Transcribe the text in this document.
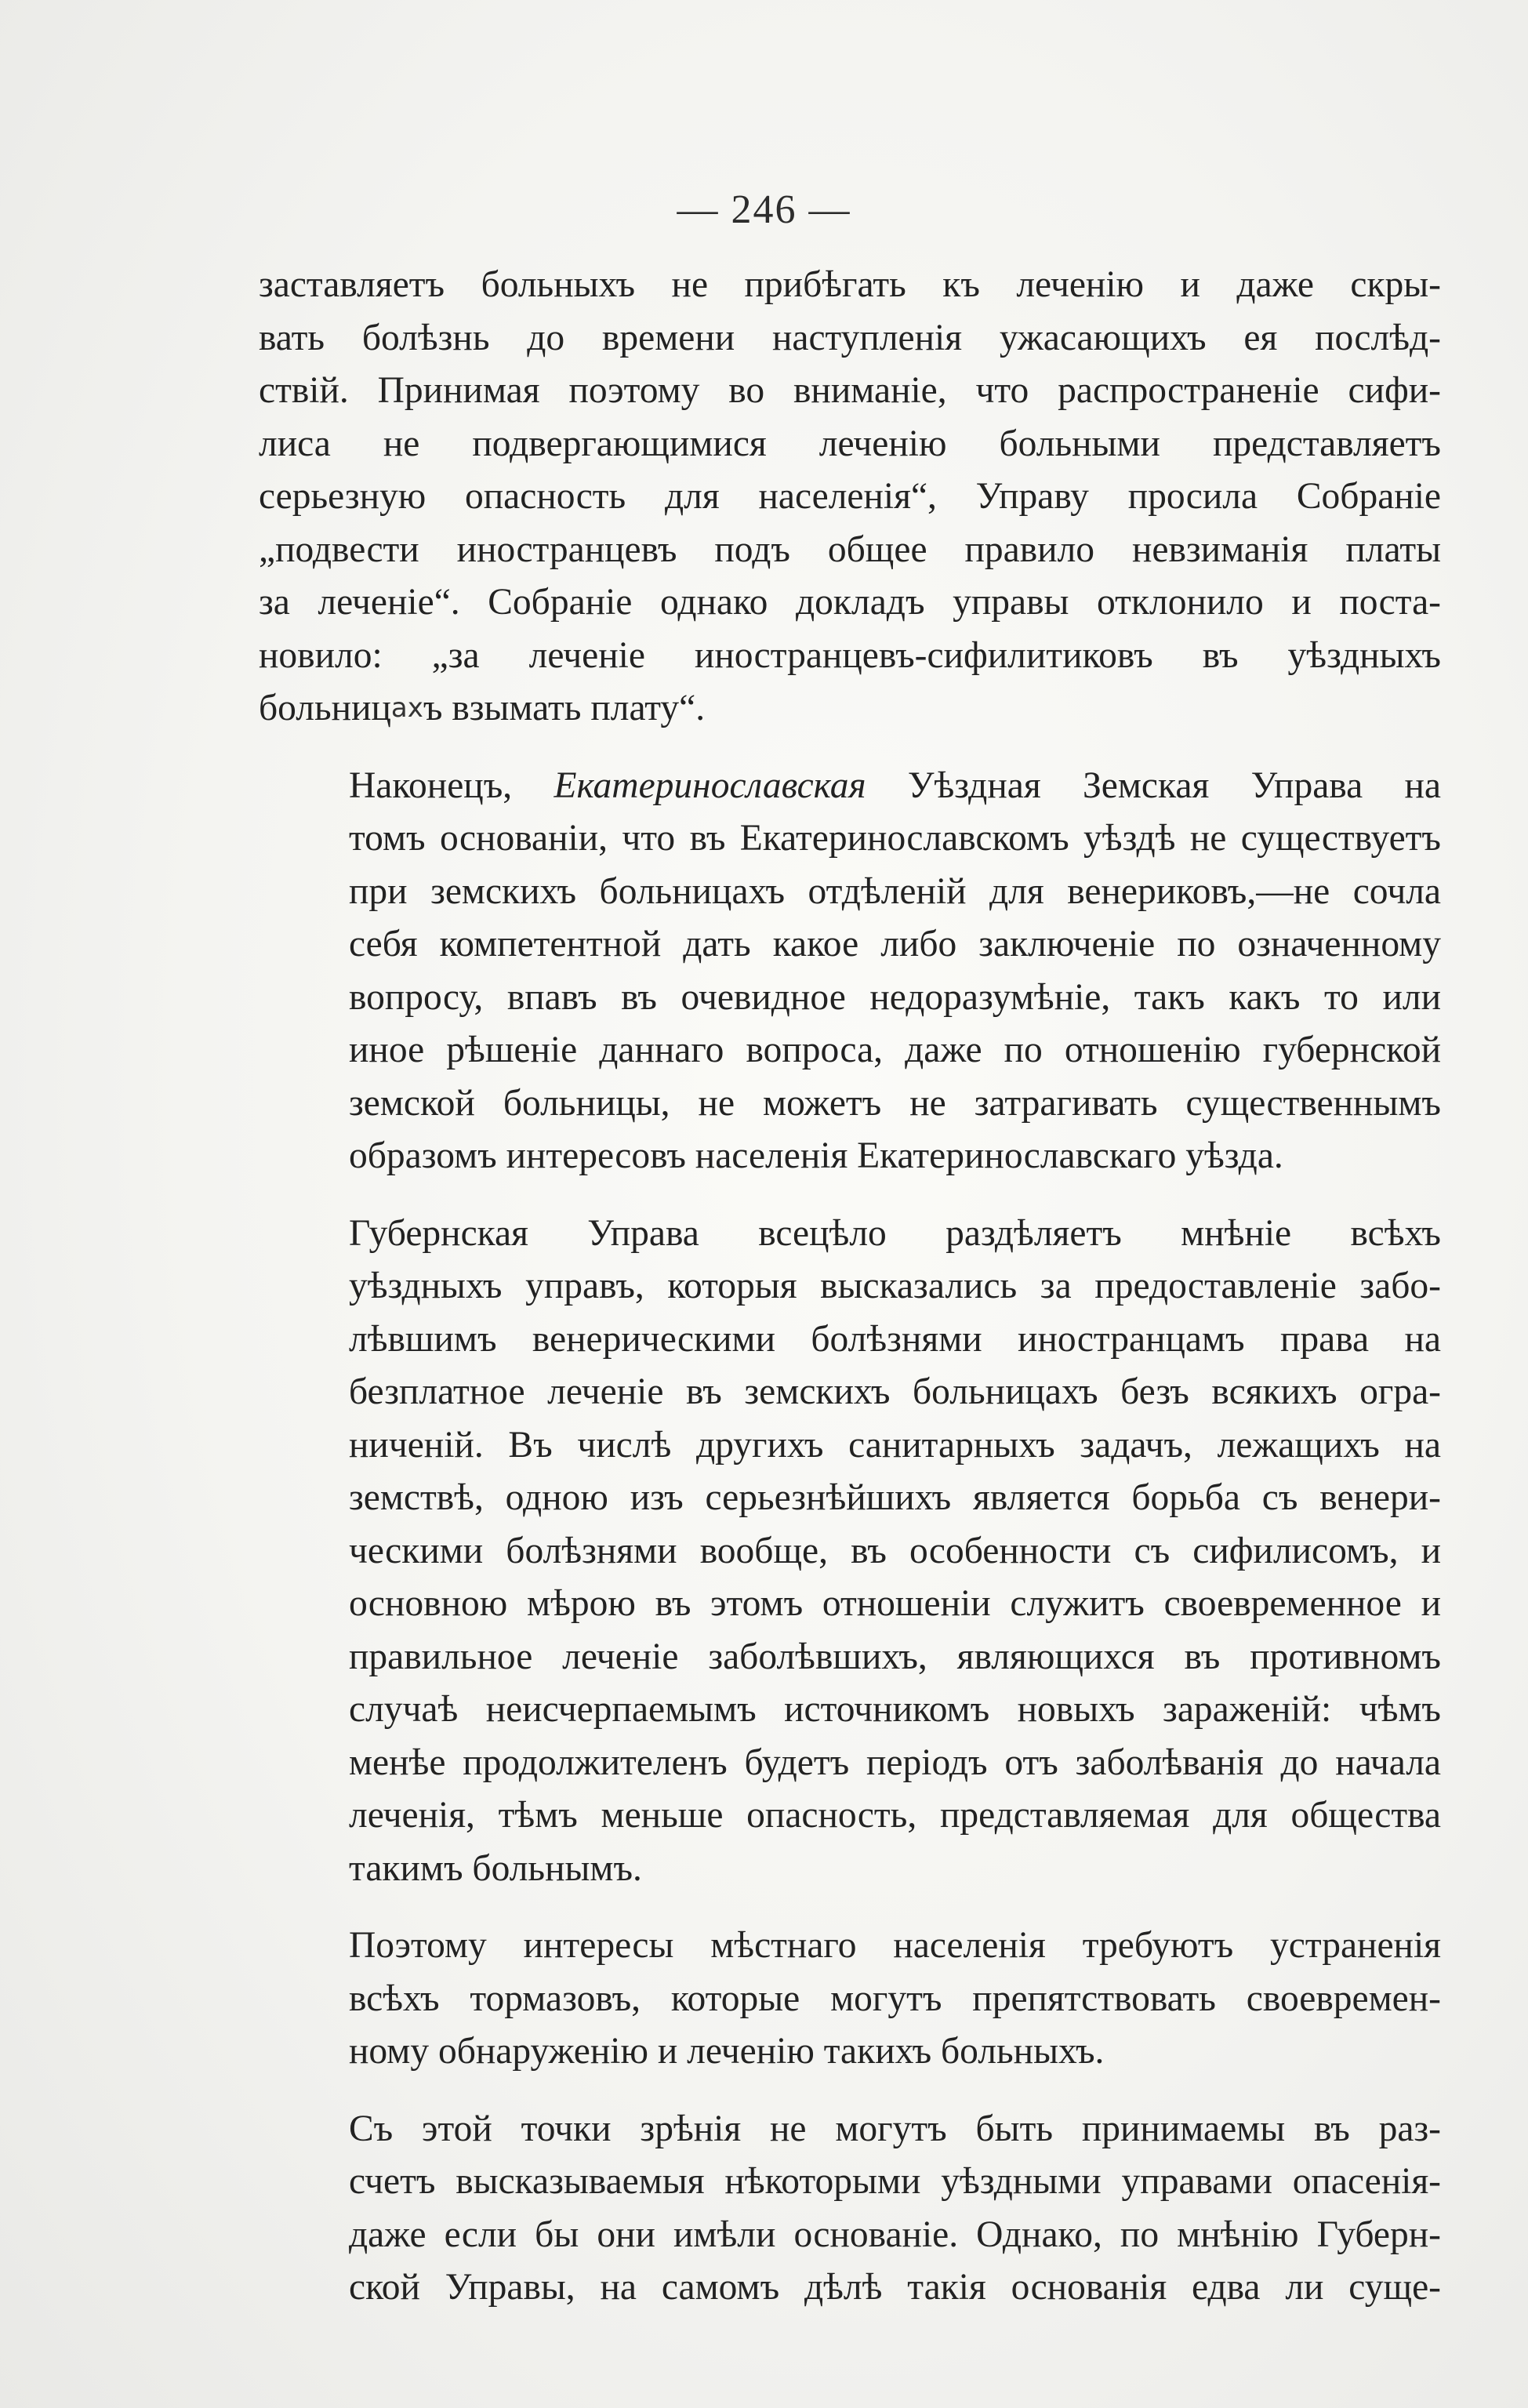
— 246 —

заставляетъ больныхъ не прибѣгать къ леченію и даже скры-
вать болѣзнь до времени наступленія ужасающихъ ея послѣд-
ствій. Принимая поэтому во вниманіе, что распространеніе сифи-
лиса не подвергающимися леченію больными представляетъ
серьезную опасность для населенія“, Управу просила Собраніе
„подвести иностранцевъ подъ общее правило невзиманія платы
за леченіе“. Собраніе однако докладъ управы отклонило и поста-
новило: „за леченіе иностранцевъ-сифилитиковъ въ уѣздныхъ
больницахъ взымать плату“.

Наконецъ, Екатеринославская Уѣздная Земская Управа на
томъ основаніи, что въ Екатеринославскомъ уѣздѣ не существуетъ
при земскихъ больницахъ отдѣленій для венериковъ,—не сочла
себя компетентной дать какое либо заключеніе по означенному
вопросу, впавъ въ очевидное недоразумѣніе, такъ какъ то или
иное рѣшеніе даннаго вопроса, даже по отношенію губернской
земской больницы, не можетъ не затрагивать существеннымъ
образомъ интересовъ населенія Екатеринославскаго уѣзда.

Губернская Управа всецѣло раздѣляетъ мнѣніе всѣхъ
уѣздныхъ управъ, которыя высказались за предоставленіе забо-
лѣвшимъ венерическими болѣзнями иностранцамъ права на
безплатное леченіе въ земскихъ больницахъ безъ всякихъ огра-
ниченій. Въ числѣ другихъ санитарныхъ задачъ, лежащихъ на
земствѣ, одною изъ серьезнѣйшихъ является борьба съ венери-
ческими болѣзнями вообще, въ особенности съ сифилисомъ, и
основною мѣрою въ этомъ отношеніи служитъ своевременное и
правильное леченіе заболѣвшихъ, являющихся въ противномъ
случаѣ неисчерпаемымъ источникомъ новыхъ зараженій: чѣмъ
менѣе продолжителенъ будетъ періодъ отъ заболѣванія до начала
леченія, тѣмъ меньше опасность, представляемая для общества
такимъ больнымъ.

Поэтому интересы мѣстнаго населенія требуютъ устраненія
всѣхъ тормазовъ, которые могутъ препятствовать своевремен-
ному обнаруженію и леченію такихъ больныхъ.

Съ этой точки зрѣнія не могутъ быть принимаемы въ раз-
счетъ высказываемыя нѣкоторыми уѣздными управами опасенія-
даже если бы они имѣли основаніе. Однако, по мнѣнію Губерн-
ской Управы, на самомъ дѣлѣ такія основанія едва ли суще-
